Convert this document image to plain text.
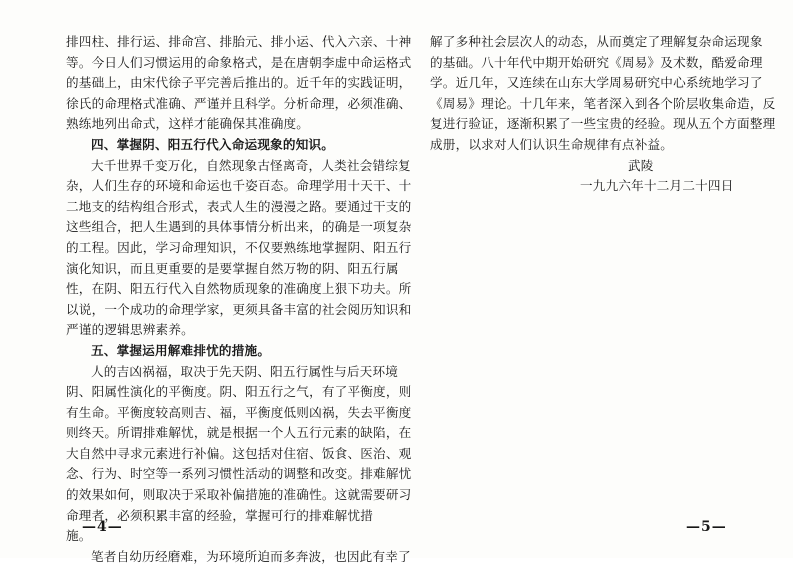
排四柱、排行运、排命宫、排胎元、排小运、代入六亲、十神
等。今日人们习惯运用的命象格式，是在唐朝李虚中命运格式
的基础上，由宋代徐子平完善后推出的。近千年的实践证明，
徐氏的命理格式准确、严谨并且科学。分析命理，必须准确、
熟练地列出命式，这样才能确保其准确度。
四、掌握阴、阳五行代入命运现象的知识。
大千世界千变万化，自然现象古怪离奇，人类社会错综复
杂，人们生存的环境和命运也千姿百态。命理学用十天干、十
二地支的结构组合形式，表式人生的漫漫之路。要通过干支的
这些组合，把人生遇到的具体事情分析出来，的确是一项复杂
的工程。因此，学习命理知识，不仅要熟练地掌握阴、阳五行
演化知识，而且更重要的是要掌握自然万物的阴、阳五行属
性，在阴、阳五行代入自然物质现象的准确度上狠下功夫。所
以说，一个成功的命理学家，更须具备丰富的社会阅历知识和
严谨的逻辑思辨素养。
五、掌握运用解难排忧的措施。
人的吉凶祸福，取决于先天阴、阳五行属性与后天环境
阴、阳属性演化的平衡度。阴、阳五行之气，有了平衡度，则
有生命。平衡度较高则吉、福，平衡度低则凶祸，失去平衡度
则终天。所谓排难解忧，就是根据一个人五行元素的缺陷，在
大自然中寻求元素进行补偏。这包括对住宿、饭食、医治、观
念、行为、时空等一系列习惯性活动的调整和改变。排难解忧
的效果如何，则取决于采取补偏措施的准确性。这就需要研习
命理者，必须积累丰富的经验，掌握可行的排难解忧措
施。
笔者自幼历经磨难，为环境所迫而多奔波，也因此有幸了
解了多种社会层次人的动态，从而奠定了理解复杂命运现象
的基础。八十年代中期开始研究《周易》及术数，酷爱命理
学。近几年，又连续在山东大学周易研究中心系统地学习了
《周易》理论。十几年来，笔者深入到各个阶层收集命造，反
复进行验证，逐渐积累了一些宝贵的经验。现从五个方面整理
成册，以求对人们认识生命规律有点补益。
武陵
一九九六年十二月二十四日
—4—	—5—
